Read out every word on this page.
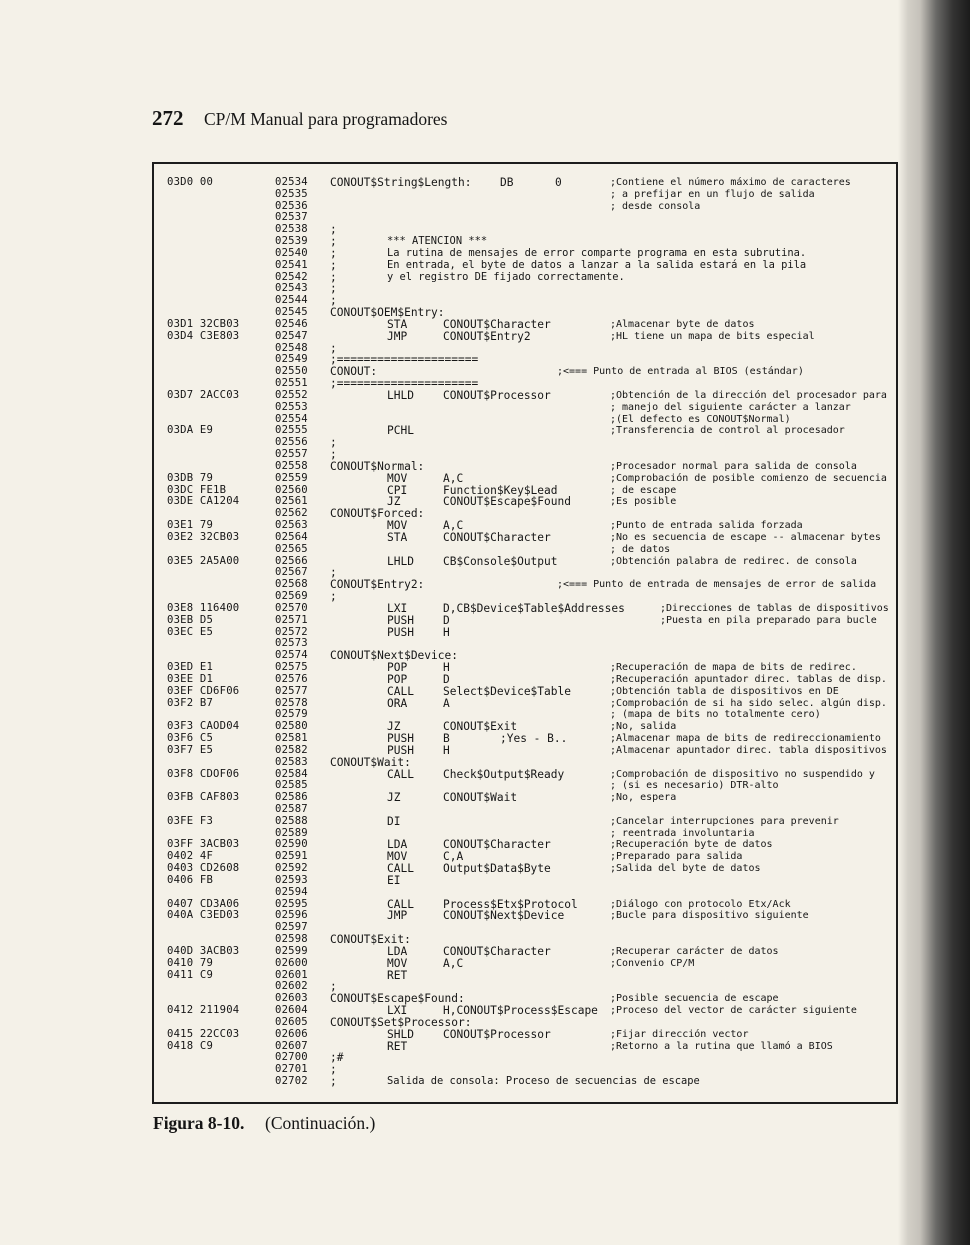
272 CP/M Manual para programadores
03D0 00	02534 CONOUT$String$Length:	DB	0	;Contiene el número máximo de caracteres
02535	; a prefijar en un flujo de salida
02536	; desde consola
02537
02538 ;
02539 ;	*** ATENCION ***
02540 ;	La rutina de mensajes de error comparte programa en esta subrutina.
02541 ;	En entrada, el byte de datos a lanzar a la salida estará en la pila
02542 ;	y el registro DE fijado correctamente.
02543 ;
02544 ;
02545 CONOUT$OEM$Entry:
03D1 32CB03	02546	STA	CONOUT$Character	;Almacenar byte de datos
03D4 C3E803	02547	JMP	CONOUT$Entry2	;HL tiene un mapa de bits especial
02548 ;
02549 ;=====================
02550 CONOUT:	;<=== Punto de entrada al BIOS (estándar)
02551 ;=====================
03D7 2ACC03	02552	LHLD	CONOUT$Processor	;Obtención de la dirección del procesador para
02553	; manejo del siguiente carácter a lanzar
02554	;(El defecto es CONOUT$Normal)
03DA E9	02555	PCHL	;Transferencia de control al procesador
02556 ;
02557 ;
02558 CONOUT$Normal:	;Procesador normal para salida de consola
03DB 79	02559	MOV	A,C	;Comprobación de posible comienzo de secuencia
03DC FE1B	02560	CPI	Function$Key$Lead	; de escape
03DE CA1204	02561	JZ	CONOUT$Escape$Found	;Es posible
02562 CONOUT$Forced:
03E1 79	02563	MOV	A,C	;Punto de entrada salida forzada
03E2 32CB03	02564	STA	CONOUT$Character	;No es secuencia de escape -- almacenar bytes
02565	; de datos
03E5 2A5A00	02566	LHLD	CB$Console$Output	;Obtención palabra de redirec. de consola
02567 ;
02568 CONOUT$Entry2:	;<=== Punto de entrada de mensajes de error de salida
02569 ;
03E8 116400	02570	LXI	D,CB$Device$Table$Addresses	;Direcciones de tablas de dispositivos
03EB D5	02571	PUSH	D	;Puesta en pila preparado para bucle
03EC E5	02572	PUSH	H
02573
02574 CONOUT$Next$Device:
03ED E1	02575	POP	H	;Recuperación de mapa de bits de redirec.
03EE D1	02576	POP	D	;Recuperación apuntador direc. tablas de disp.
03EF CD6F06	02577	CALL	Select$Device$Table	;Obtención tabla de dispositivos en DE
03F2 B7	02578	ORA	A	;Comprobación de si ha sido selec. algún disp.
02579	; (mapa de bits no totalmente cero)
03F3 CAOD04	02580	JZ	CONOUT$Exit	;No, salida
03F6 C5	02581	PUSH	B	;Yes - B..	;Almacenar mapa de bits de redireccionamiento
03F7 E5	02582	PUSH	H	;Almacenar apuntador direc. tabla dispositivos
02583 CONOUT$Wait:
03F8 CDOF06	02584	CALL	Check$Output$Ready	;Comprobación de dispositivo no suspendido y
02585	; (si es necesario) DTR-alto
03FB CAF803	02586	JZ	CONOUT$Wait	;No, espera
02587
03FE F3	02588	DI	;Cancelar interrupciones para prevenir
02589	; reentrada involuntaria
03FF 3ACB03	02590	LDA	CONOUT$Character	;Recuperación byte de datos
0402 4F	02591	MOV	C,A	;Preparado para salida
0403 CD2608	02592	CALL	Output$Data$Byte	;Salida del byte de datos
0406 FB	02593	EI
02594
0407 CD3A06	02595	CALL	Process$Etx$Protocol	;Diálogo con protocolo Etx/Ack
040A C3ED03	02596	JMP	CONOUT$Next$Device	;Bucle para dispositivo siguiente
02597
02598 CONOUT$Exit:
040D 3ACB03	02599	LDA	CONOUT$Character	;Recuperar carácter de datos
0410 79	02600	MOV	A,C	;Convenio CP/M
0411 C9	02601	RET
02602 ;
02603 CONOUT$Escape$Found:	;Posible secuencia de escape
0412 211904	02604	LXI	H,CONOUT$Process$Escape ;Proceso del vector de carácter siguiente
02605 CONOUT$Set$Processor:
0415 22CC03	02606	SHLD	CONOUT$Processor	;Fijar dirección vector
0418 C9	02607	RET	;Retorno a la rutina que llamó a BIOS
02700 ;#
02701 ;
02702 ;	Salida de consola: Proceso de secuencias de escape
Figura 8-10. (Continuación.)
